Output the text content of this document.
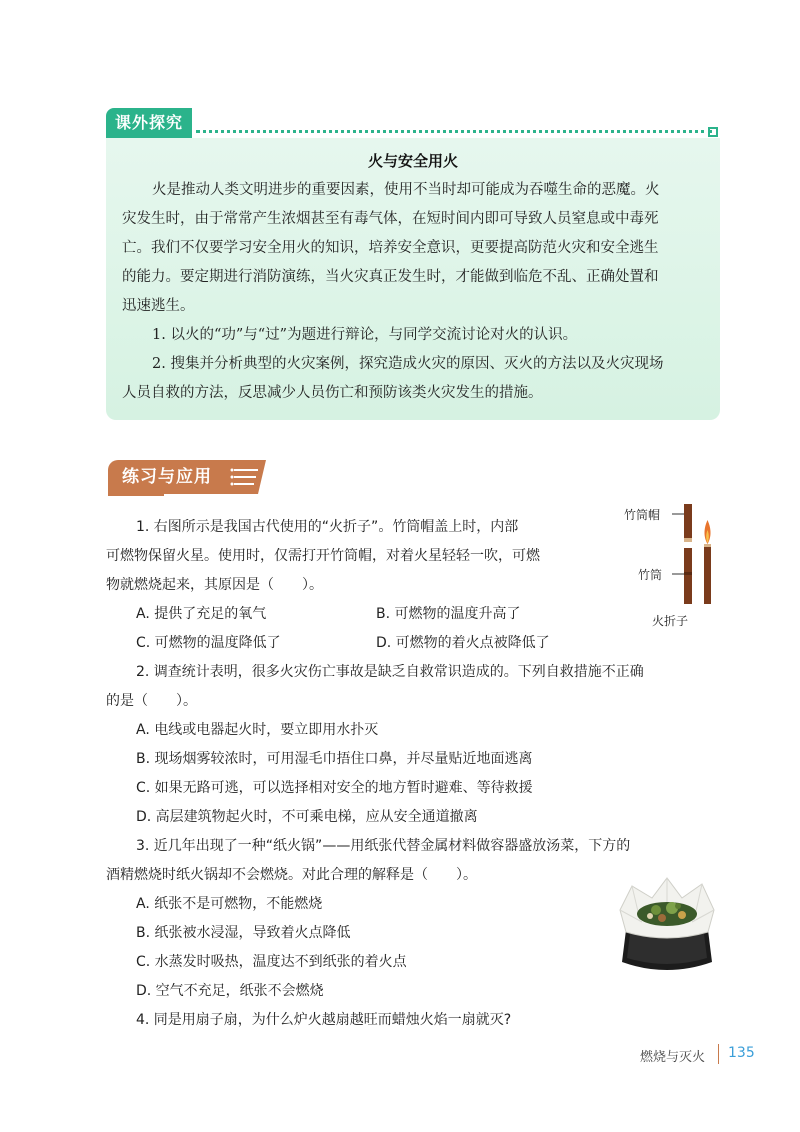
课外探究
火与安全用火
火是推动人类文明进步的重要因素，使用不当时却可能成为吞噬生命的恶魔。火
灾发生时，由于常常产生浓烟甚至有毒气体，在短时间内即可导致人员窒息或中毒死
亡。我们不仅要学习安全用火的知识，培养安全意识，更要提高防范火灾和安全逃生
的能力。要定期进行消防演练，当火灾真正发生时，才能做到临危不乱、正确处置和
迅速逃生。
1. 以火的“功”与“过”为题进行辩论，与同学交流讨论对火的认识。
2. 搜集并分析典型的火灾案例，探究造成火灾的原因、灭火的方法以及火灾现场
人员自救的方法，反思减少人员伤亡和预防该类火灾发生的措施。
练习与应用
1. 右图所示是我国古代使用的“火折子”。竹筒帽盖上时，内部
可燃物保留火星。使用时，仅需打开竹筒帽，对着火星轻轻一吹，可燃
物就燃烧起来，其原因是（　　）。
A. 提供了充足的氧气	B. 可燃物的温度升高了
C. 可燃物的温度降低了	D. 可燃物的着火点被降低了
竹筒帽
竹筒
火折子
2. 调查统计表明，很多火灾伤亡事故是缺乏自救常识造成的。下列自救措施不正确
的是（　　）。
A. 电线或电器起火时，要立即用水扑灭
B. 现场烟雾较浓时，可用湿毛巾捂住口鼻，并尽量贴近地面逃离
C. 如果无路可逃，可以选择相对安全的地方暂时避难、等待救援
D. 高层建筑物起火时，不可乘电梯，应从安全通道撤离
3. 近几年出现了一种“纸火锅”——用纸张代替金属材料做容器盛放汤菜，下方的
酒精燃烧时纸火锅却不会燃烧。对此合理的解释是（　　）。
A. 纸张不是可燃物，不能燃烧
B. 纸张被水浸湿，导致着火点降低
C. 水蒸发时吸热，温度达不到纸张的着火点
D. 空气不充足，纸张不会燃烧
4. 同是用扇子扇，为什么炉火越扇越旺而蜡烛火焰一扇就灭?
燃烧与灭火 135
